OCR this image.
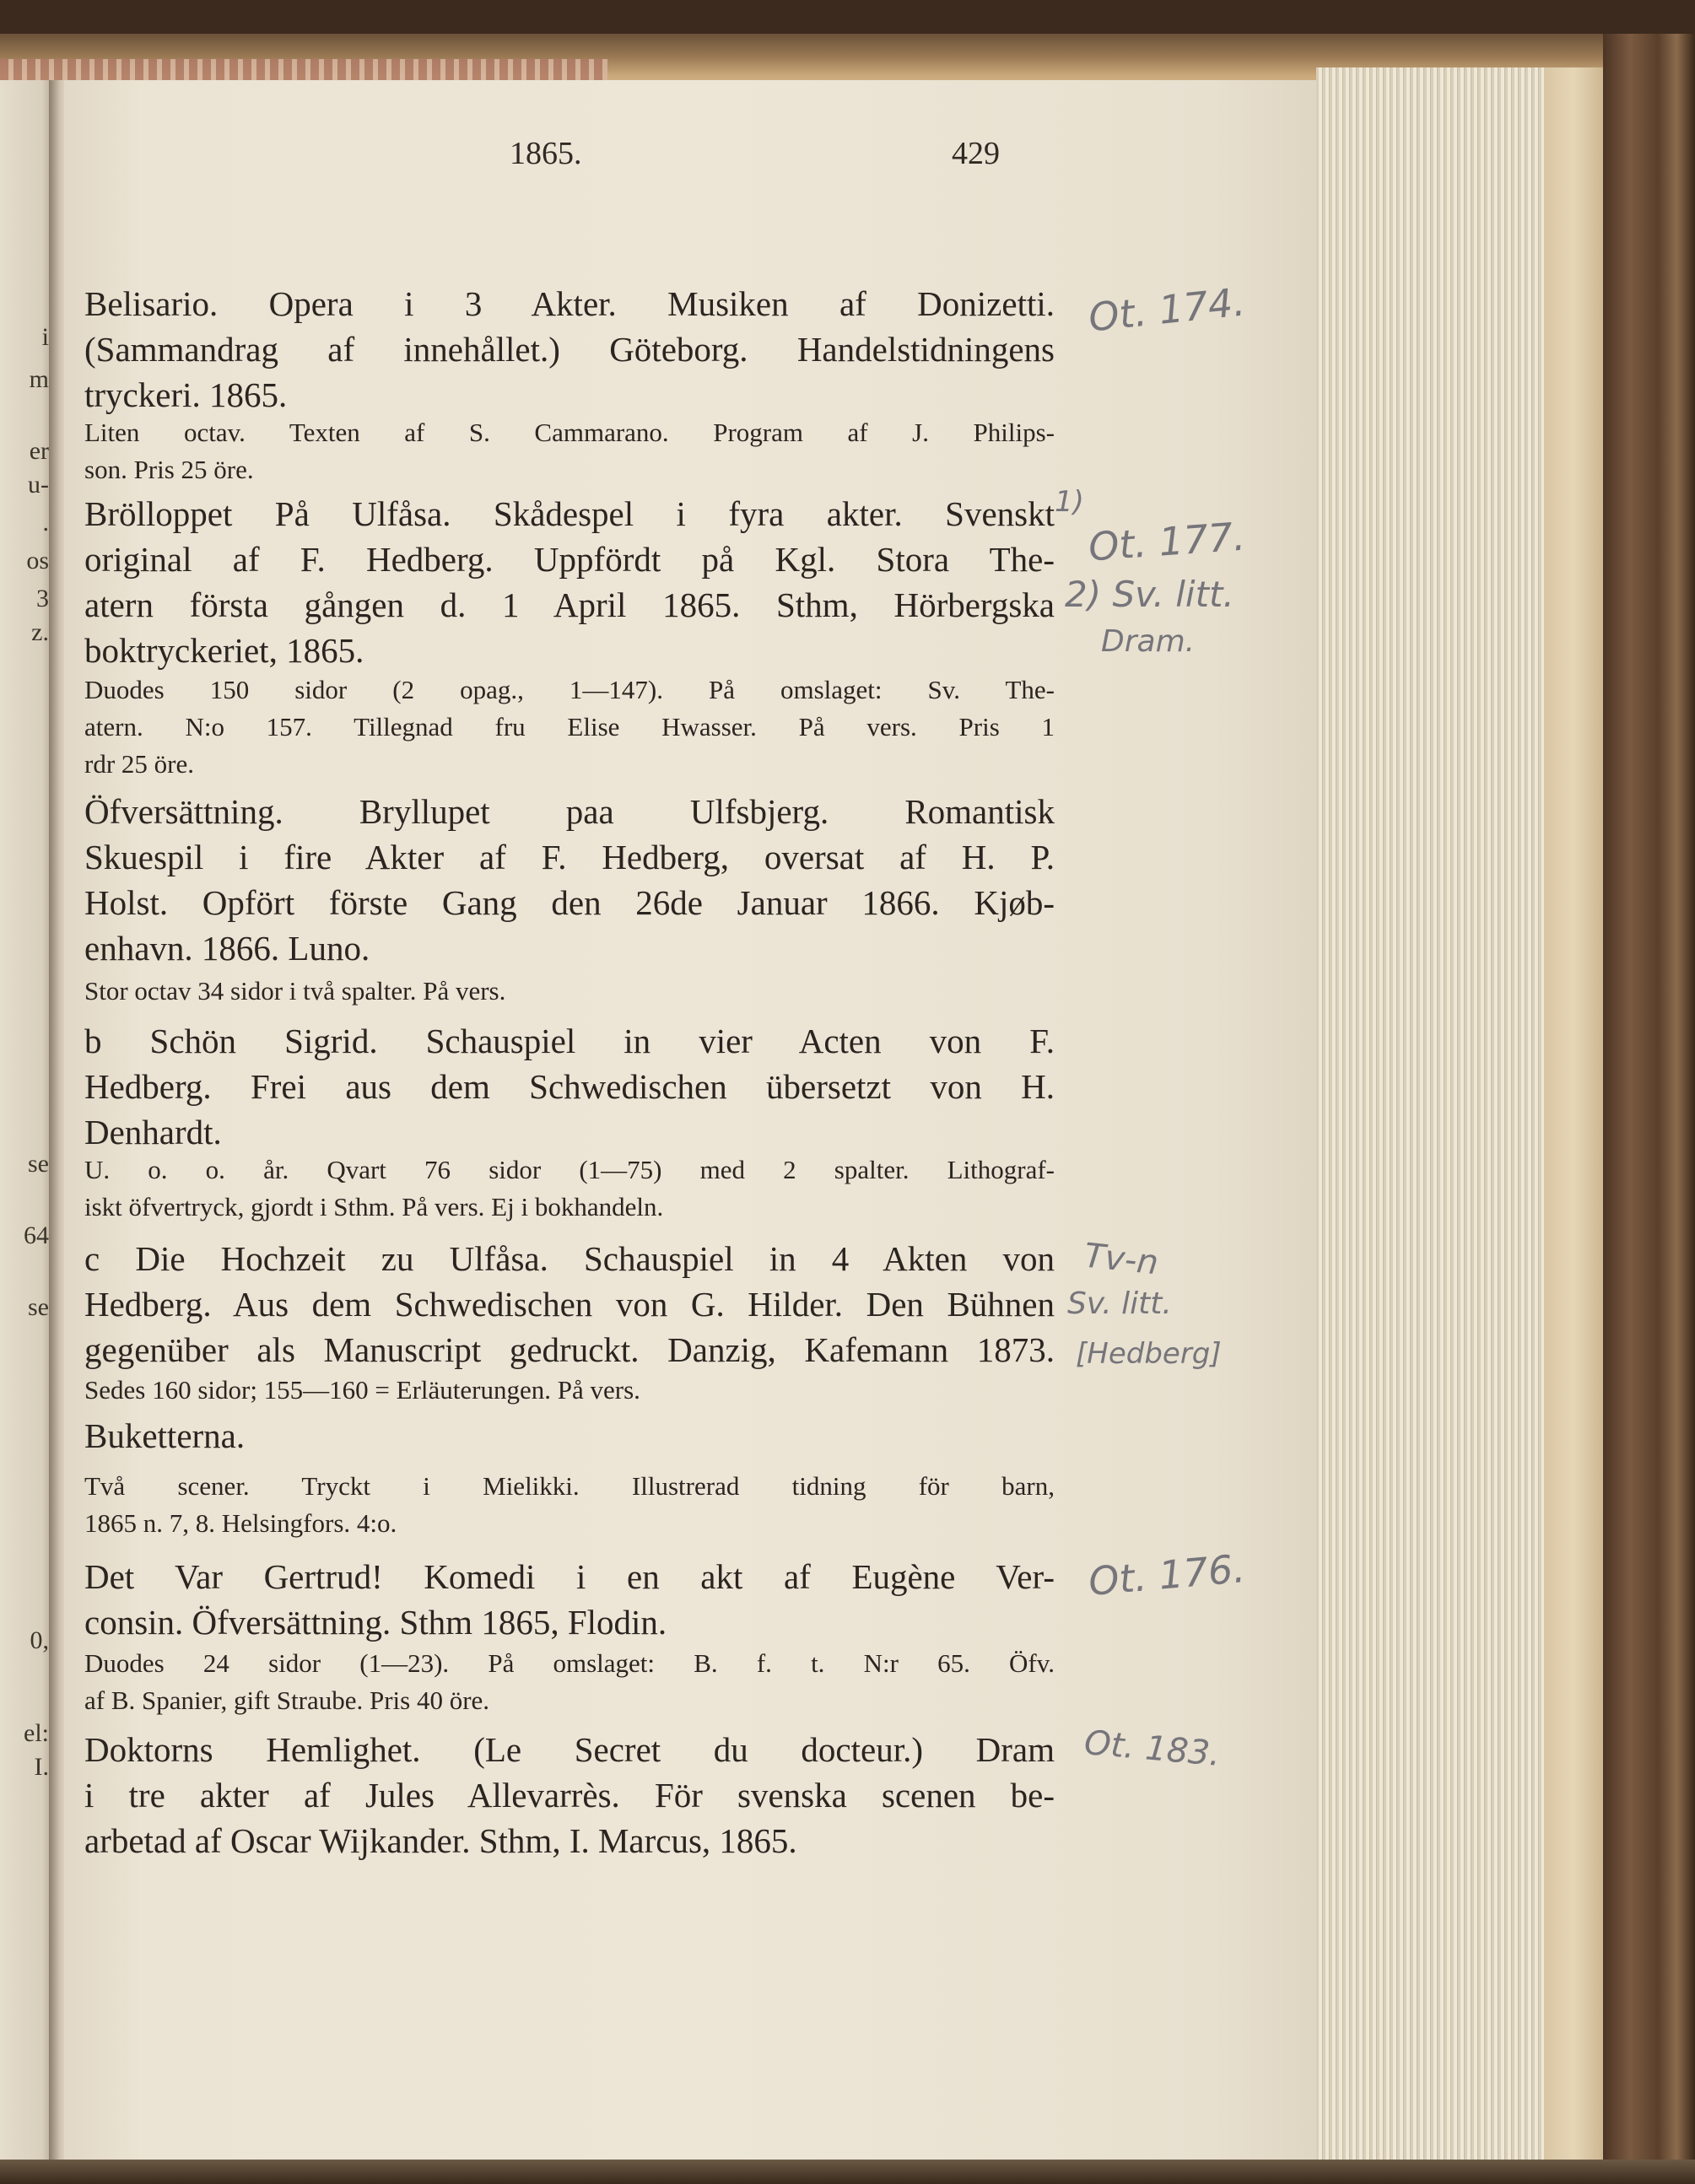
i
m
er
u-
.
os
3
z.
se
64
se
0,
el:
I.
1865.	429
Belisario. Opera i 3 Akter. Musiken af Donizetti.
(Sammandrag af innehållet.) Göteborg. Handelstidningens
tryckeri. 1865.
Liten octav. Texten af S. Cammarano. Program af J. Philips-
son. Pris 25 öre.
Brölloppet På Ulfåsa. Skådespel i fyra akter. Svenskt
original af F. Hedberg. Uppfördt på Kgl. Stora The-
atern första gången d. 1 April 1865. Sthm, Hörbergska
boktryckeriet, 1865.
Duodes 150 sidor (2 opag., 1—147). På omslaget: Sv. The-
atern. N:o 157. Tillegnad fru Elise Hwasser. På vers. Pris 1
rdr 25 öre.
Öfversättning. Bryllupet paa Ulfsbjerg. Romantisk
Skuespil i fire Akter af F. Hedberg, oversat af H. P.
Holst. Opfört förste Gang den 26de Januar 1866. Kjøb-
enhavn. 1866. Luno.
Stor octav 34 sidor i två spalter. På vers.
b Schön Sigrid. Schauspiel in vier Acten von F.
Hedberg. Frei aus dem Schwedischen übersetzt von H.
Denhardt.
U. o. o. år. Qvart 76 sidor (1—75) med 2 spalter. Lithograf-
iskt öfvertryck, gjordt i Sthm. På vers. Ej i bokhandeln.
c Die Hochzeit zu Ulfåsa. Schauspiel in 4 Akten von
Hedberg. Aus dem Schwedischen von G. Hilder. Den Bühnen
gegenüber als Manuscript gedruckt. Danzig, Kafemann 1873.
Sedes 160 sidor; 155—160 = Erläuterungen. På vers.
Buketterna.
Två scener. Tryckt i Mielikki. Illustrerad tidning för barn,
1865 n. 7, 8. Helsingfors. 4:o.
Det Var Gertrud! Komedi i en akt af Eugène Ver-
consin. Öfversättning. Sthm 1865, Flodin.
Duodes 24 sidor (1—23). På omslaget: B. f. t. N:r 65. Öfv.
af B. Spanier, gift Straube. Pris 40 öre.
Doktorns Hemlighet. (Le Secret du docteur.) Dram
i tre akter af Jules Allevarrès. För svenska scenen be-
arbetad af Oscar Wijkander. Sthm, I. Marcus, 1865.
Ot. 174.
1)
Ot. 177.
2) Sv. litt.
Dram.
Tv-n
Sv. litt.
[Hedberg]
Ot. 176.
Ot. 183.
